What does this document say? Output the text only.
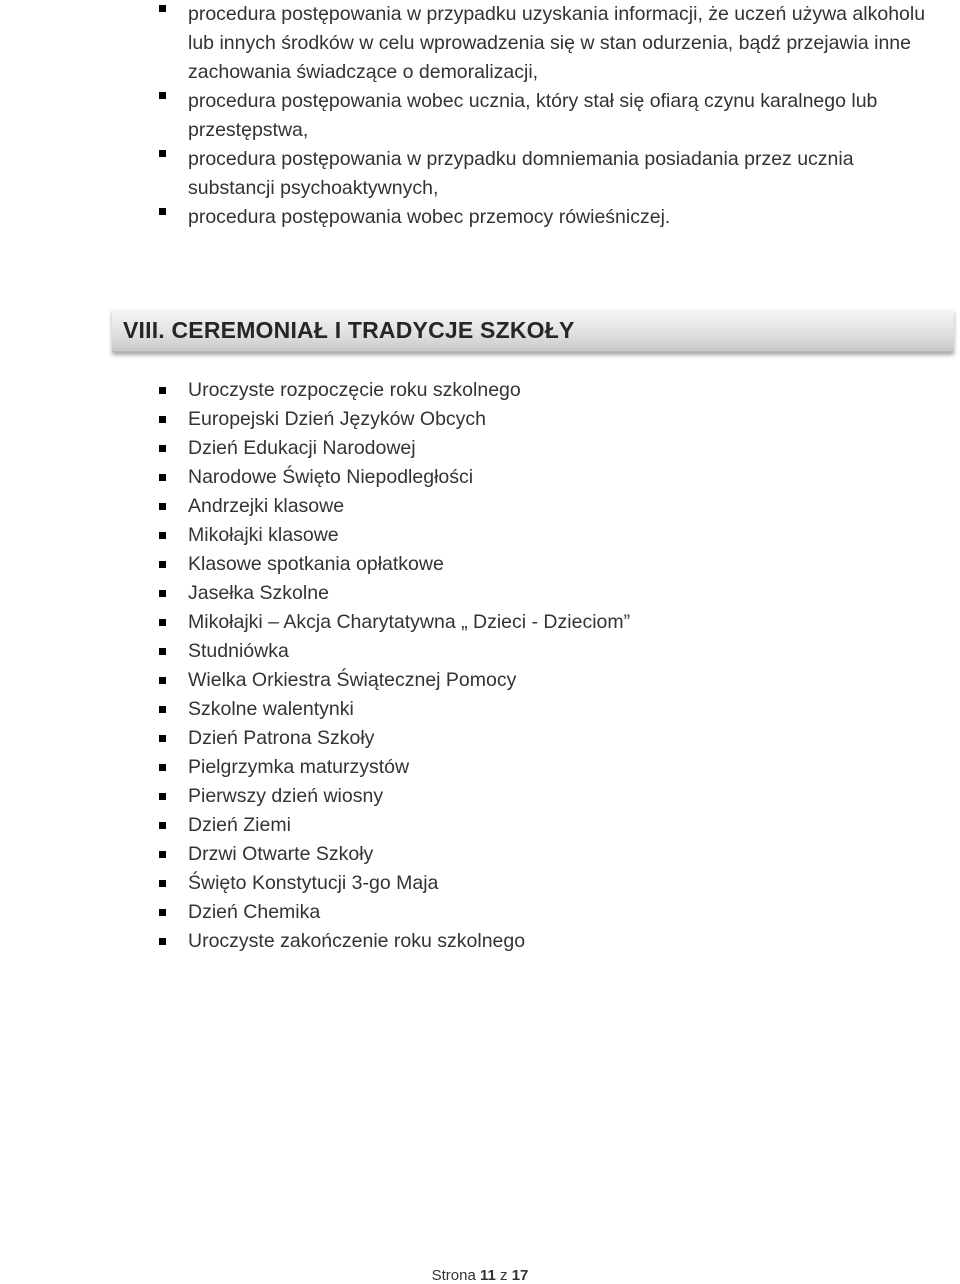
procedura postępowania w przypadku uzyskania informacji, że uczeń używa alkoholu lub innych środków w celu wprowadzenia się w stan odurzenia, bądź przejawia inne zachowania świadczące o demoralizacji,
procedura postępowania wobec ucznia, który stał się ofiarą czynu karalnego lub przestępstwa,
procedura postępowania w przypadku domniemania posiadania przez ucznia substancji psychoaktywnych,
procedura postępowania wobec przemocy rówieśniczej.
VIII. CEREMONIAŁ I TRADYCJE SZKOŁY
Uroczyste rozpoczęcie roku szkolnego
Europejski Dzień Języków Obcych
Dzień Edukacji Narodowej
Narodowe Święto Niepodległości
Andrzejki klasowe
Mikołajki klasowe
Klasowe spotkania opłatkowe
Jasełka Szkolne
Mikołajki – Akcja Charytatywna „ Dzieci - Dzieciom”
Studniówka
Wielka Orkiestra Świątecznej Pomocy
Szkolne walentynki
Dzień Patrona Szkoły
Pielgrzymka maturzystów
Pierwszy dzień wiosny
Dzień Ziemi
Drzwi Otwarte Szkoły
Święto Konstytucji 3-go Maja
Dzień Chemika
Uroczyste zakończenie roku szkolnego
Strona 11 z 17
